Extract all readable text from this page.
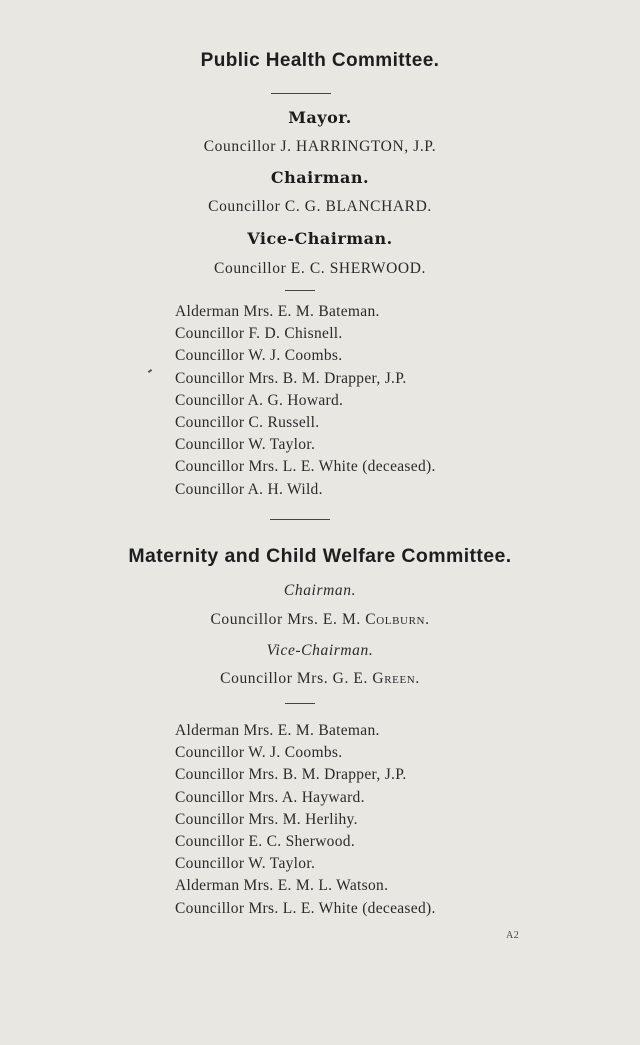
Public Health Committee.
Mayor.
Councillor J. HARRINGTON, J.P.
Chairman.
Councillor C. G. BLANCHARD.
Vice-Chairman.
Councillor E. C. SHERWOOD.
Alderman Mrs. E. M. Bateman.
Councillor F. D. Chisnell.
Councillor W. J. Coombs.
Councillor Mrs. B. M. Drapper, J.P.
Councillor A. G. Howard.
Councillor C. Russell.
Councillor W. Taylor.
Councillor Mrs. L. E. White (deceased).
Councillor A. H. Wild.
Maternity and Child Welfare Committee.
Chairman.
Councillor Mrs. E. M. Colburn.
Vice-Chairman.
Councillor Mrs. G. E. Green.
Alderman Mrs. E. M. Bateman.
Councillor W. J. Coombs.
Councillor Mrs. B. M. Drapper, J.P.
Councillor Mrs. A. Hayward.
Councillor Mrs. M. Herlihy.
Councillor E. C. Sherwood.
Councillor W. Taylor.
Alderman Mrs. E. M. L. Watson.
Councillor Mrs. L. E. White (deceased).
A2
